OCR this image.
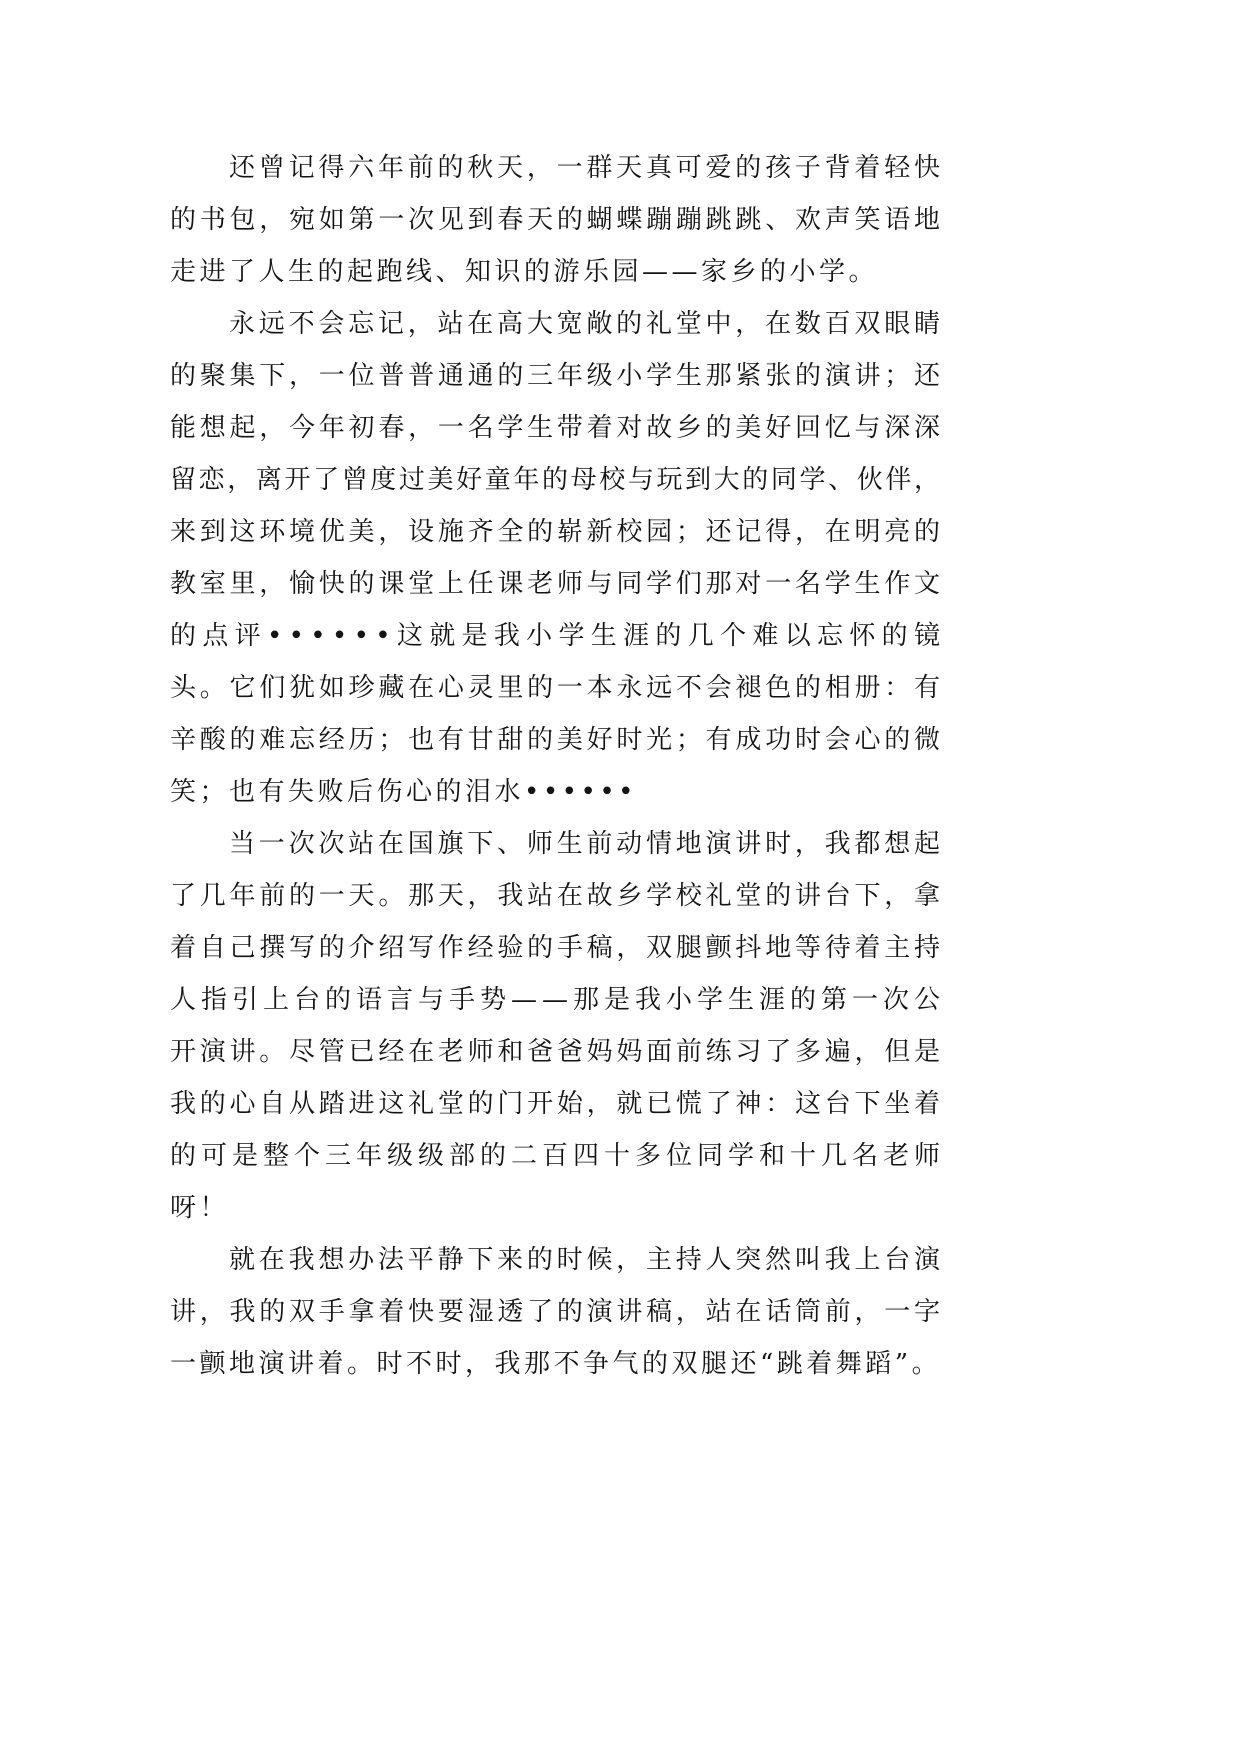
还曾记得六年前的秋天，一群天真可爱的孩子背着轻快
的书包，宛如第一次见到春天的蝴蝶蹦蹦跳跳、欢声笑语地
走进了人生的起跑线、知识的游乐园——家乡的小学。
永远不会忘记，站在高大宽敞的礼堂中，在数百双眼睛
的聚集下，一位普普通通的三年级小学生那紧张的演讲；还
能想起，今年初春，一名学生带着对故乡的美好回忆与深深
留恋，离开了曾度过美好童年的母校与玩到大的同学、伙伴，
来到这环境优美，设施齐全的崭新校园；还记得，在明亮的
教室里，愉快的课堂上任课老师与同学们那对一名学生作文
的点评••••••这就是我小学生涯的几个难以忘怀的镜
头。它们犹如珍藏在心灵里的一本永远不会褪色的相册：有
辛酸的难忘经历；也有甘甜的美好时光；有成功时会心的微
笑；也有失败后伤心的泪水••••••
当一次次站在国旗下、师生前动情地演讲时，我都想起
了几年前的一天。那天，我站在故乡学校礼堂的讲台下，拿
着自己撰写的介绍写作经验的手稿，双腿颤抖地等待着主持
人指引上台的语言与手势——那是我小学生涯的第一次公
开演讲。尽管已经在老师和爸爸妈妈面前练习了多遍，但是
我的心自从踏进这礼堂的门开始，就已慌了神：这台下坐着
的可是整个三年级级部的二百四十多位同学和十几名老师
呀！
就在我想办法平静下来的时候，主持人突然叫我上台演
讲，我的双手拿着快要湿透了的演讲稿，站在话筒前，一字
一颤地演讲着。时不时，我那不争气的双腿还“跳着舞蹈”。
